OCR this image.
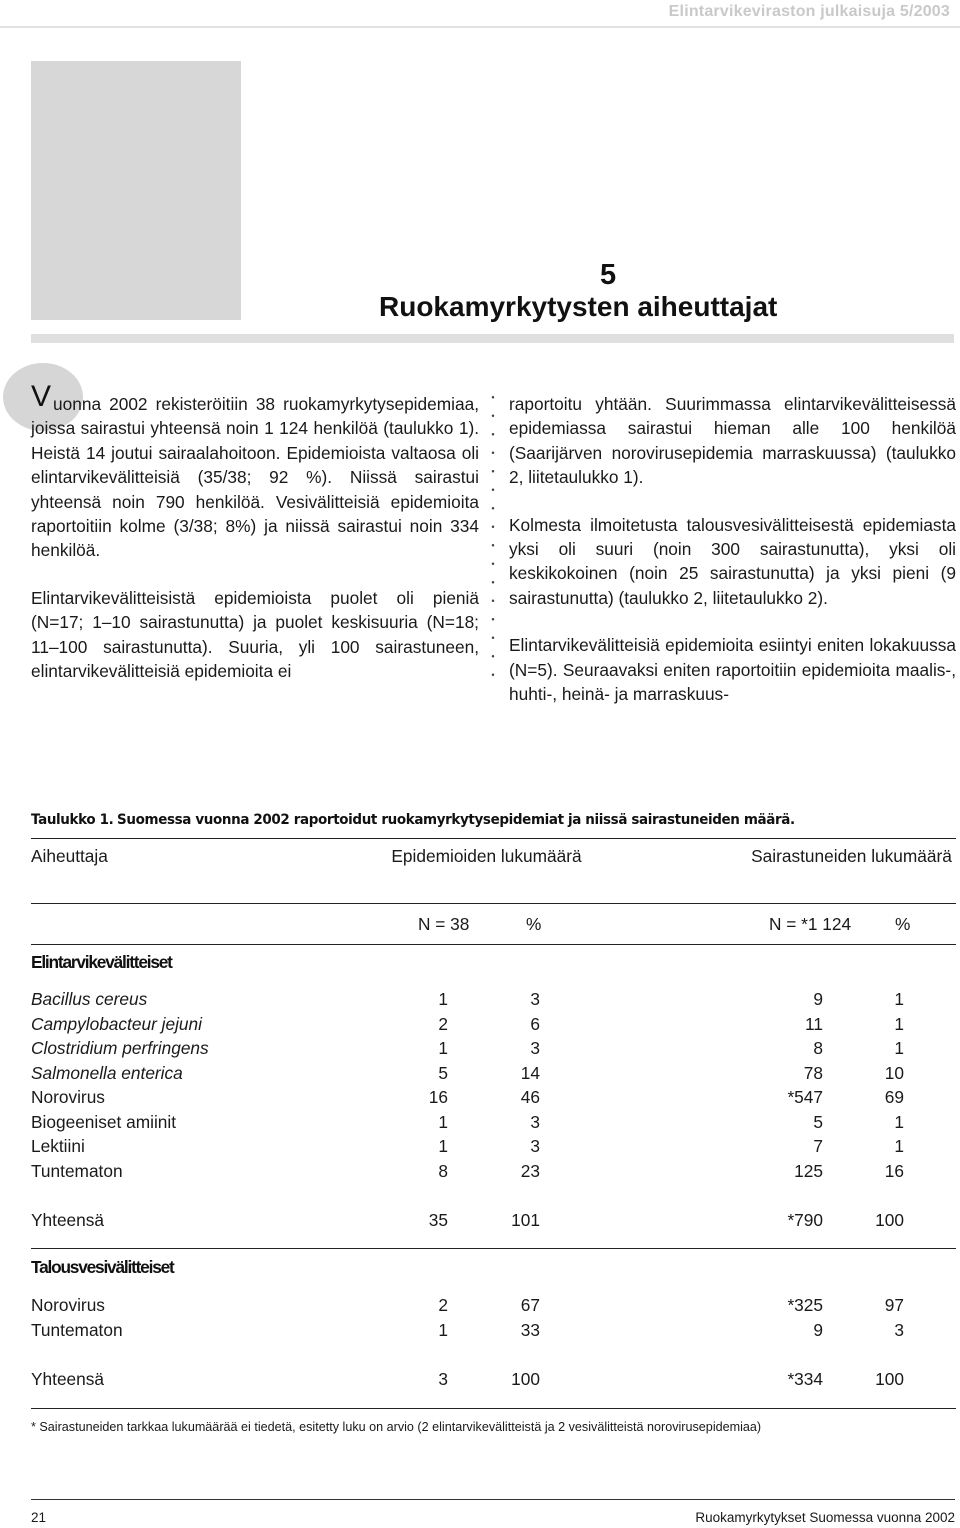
Elintarvikeviraston julkaisuja 5/2003
5
Ruokamyrkytysten aiheuttajat
V uonna 2002 rekisteröitiin 38 ruokamyrkytysepidemiaa, joissa sairastui yhteensä noin 1 124 henkilöä (taulukko 1). Heistä 14 joutui sairaalahoitoon. Epidemioista valtaosa oli elintarvikevälitteisiä (35/38; 92 %). Niissä sairastui yhteensä noin 790 henkilöä. Vesivälitteisiä epidemioita raportoitiin kolme (3/38; 8%) ja niissä sairastui noin 334 henkilöä.

Elintarvikevälitteisistä epidemioista puolet oli pieniä (N=17; 1–10 sairastunutta) ja puolet keskisuuria (N=18; 11–100 sairastunutta). Suuria, yli 100 sairastuneen, elintarvikevälitteisiä epidemioita ei

raportoitu yhtään. Suurimmassa elintarvikevälitteisessä epidemiassa sairastui hieman alle 100 henkilöä (Saarijärven norovirusepidemia marraskuussa) (taulukko 2, liitetaulukko 1).

Kolmesta ilmoitetusta talousvesivälitteisestä epidemiasta yksi oli suuri (noin 300 sairastunutta), yksi oli keskikokoinen (noin 25 sairastunutta) ja yksi pieni (9 sairastunutta) (taulukko 2, liitetaulukko 2).

Elintarvikevälitteisiä epidemioita esiintyi eniten lokakuussa (N=5). Seuraavaksi eniten raportoitiin epidemioita maalis-, huhti-, heinä- ja marraskuus-

Taulukko 1. Suomessa vuonna 2002 raportoidut ruokamyrkytysepidemiat ja niissä sairastuneiden määrä.
Aiheuttaja	Epidemioiden lukumäärä	Sairastuneiden lukumäärä
N = 38	%	N = *1 124	%
Elintarvikevälitteiset
Bacillus cereus	1	3	9	1
Campylobacteur jejuni	2	6	11	1
Clostridium perfringens	1	3	8	1
Salmonella enterica	5	14	78	10
Norovirus	16	46	*547	69
Biogeeniset amiinit	1	3	5	1
Lektiini	1	3	7	1
Tuntematon	8	23	125	16
Yhteensä	35	101	*790	100
Talousvesivälitteiset
Norovirus	2	67	*325	97
Tuntematon	1	33	9	3
Yhteensä	3	100	*334	100
* Sairastuneiden tarkkaa lukumäärää ei tiedetä, esitetty luku on arvio (2 elintarvikevälitteistä ja 2 vesivälitteistä norovirusepidemiaa)
21	Ruokamyrkytykset Suomessa vuonna 2002
